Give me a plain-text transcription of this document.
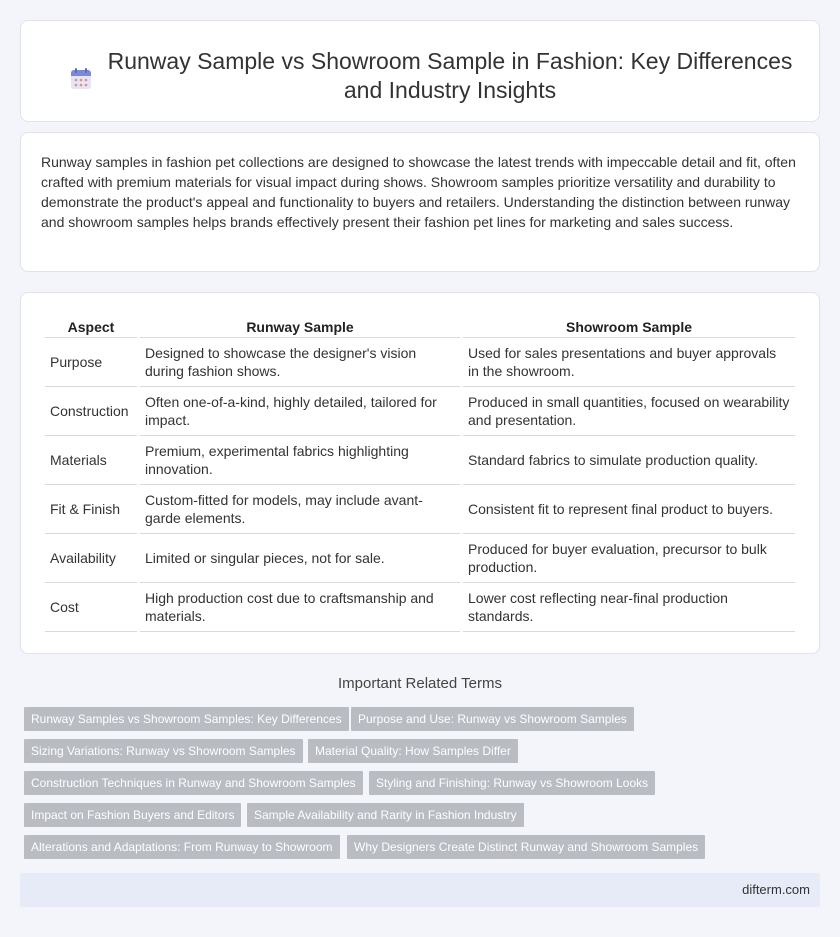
Runway Sample vs Showroom Sample in Fashion: Key Differences and Industry Insights

Runway samples in fashion pet collections are designed to showcase the latest trends with impeccable detail and fit, often crafted with premium materials for visual impact during shows. Showroom samples prioritize versatility and durability to demonstrate the product's appeal and functionality to buyers and retailers. Understanding the distinction between runway and showroom samples helps brands effectively present their fashion pet lines for marketing and sales success.

Aspect	Runway Sample	Showroom Sample
Purpose	Designed to showcase the designer's vision during fashion shows.	Used for sales presentations and buyer approvals in the showroom.
Construction	Often one-of-a-kind, highly detailed, tailored for impact.	Produced in small quantities, focused on wearability and presentation.
Materials	Premium, experimental fabrics highlighting innovation.	Standard fabrics to simulate production quality.
Fit & Finish	Custom-fitted for models, may include avant-garde elements.	Consistent fit to represent final product to buyers.
Availability	Limited or singular pieces, not for sale.	Produced for buyer evaluation, precursor to bulk production.
Cost	High production cost due to craftsmanship and materials.	Lower cost reflecting near-final production standards.
Important Related Terms
Runway Samples vs Showroom Samples: Key Differences	Purpose and Use: Runway vs Showroom Samples
Sizing Variations: Runway vs Showroom Samples	Material Quality: How Samples Differ
Construction Techniques in Runway and Showroom Samples	Styling and Finishing: Runway vs Showroom Looks
Impact on Fashion Buyers and Editors	Sample Availability and Rarity in Fashion Industry
Alterations and Adaptations: From Runway to Showroom	Why Designers Create Distinct Runway and Showroom Samples
difterm.com
